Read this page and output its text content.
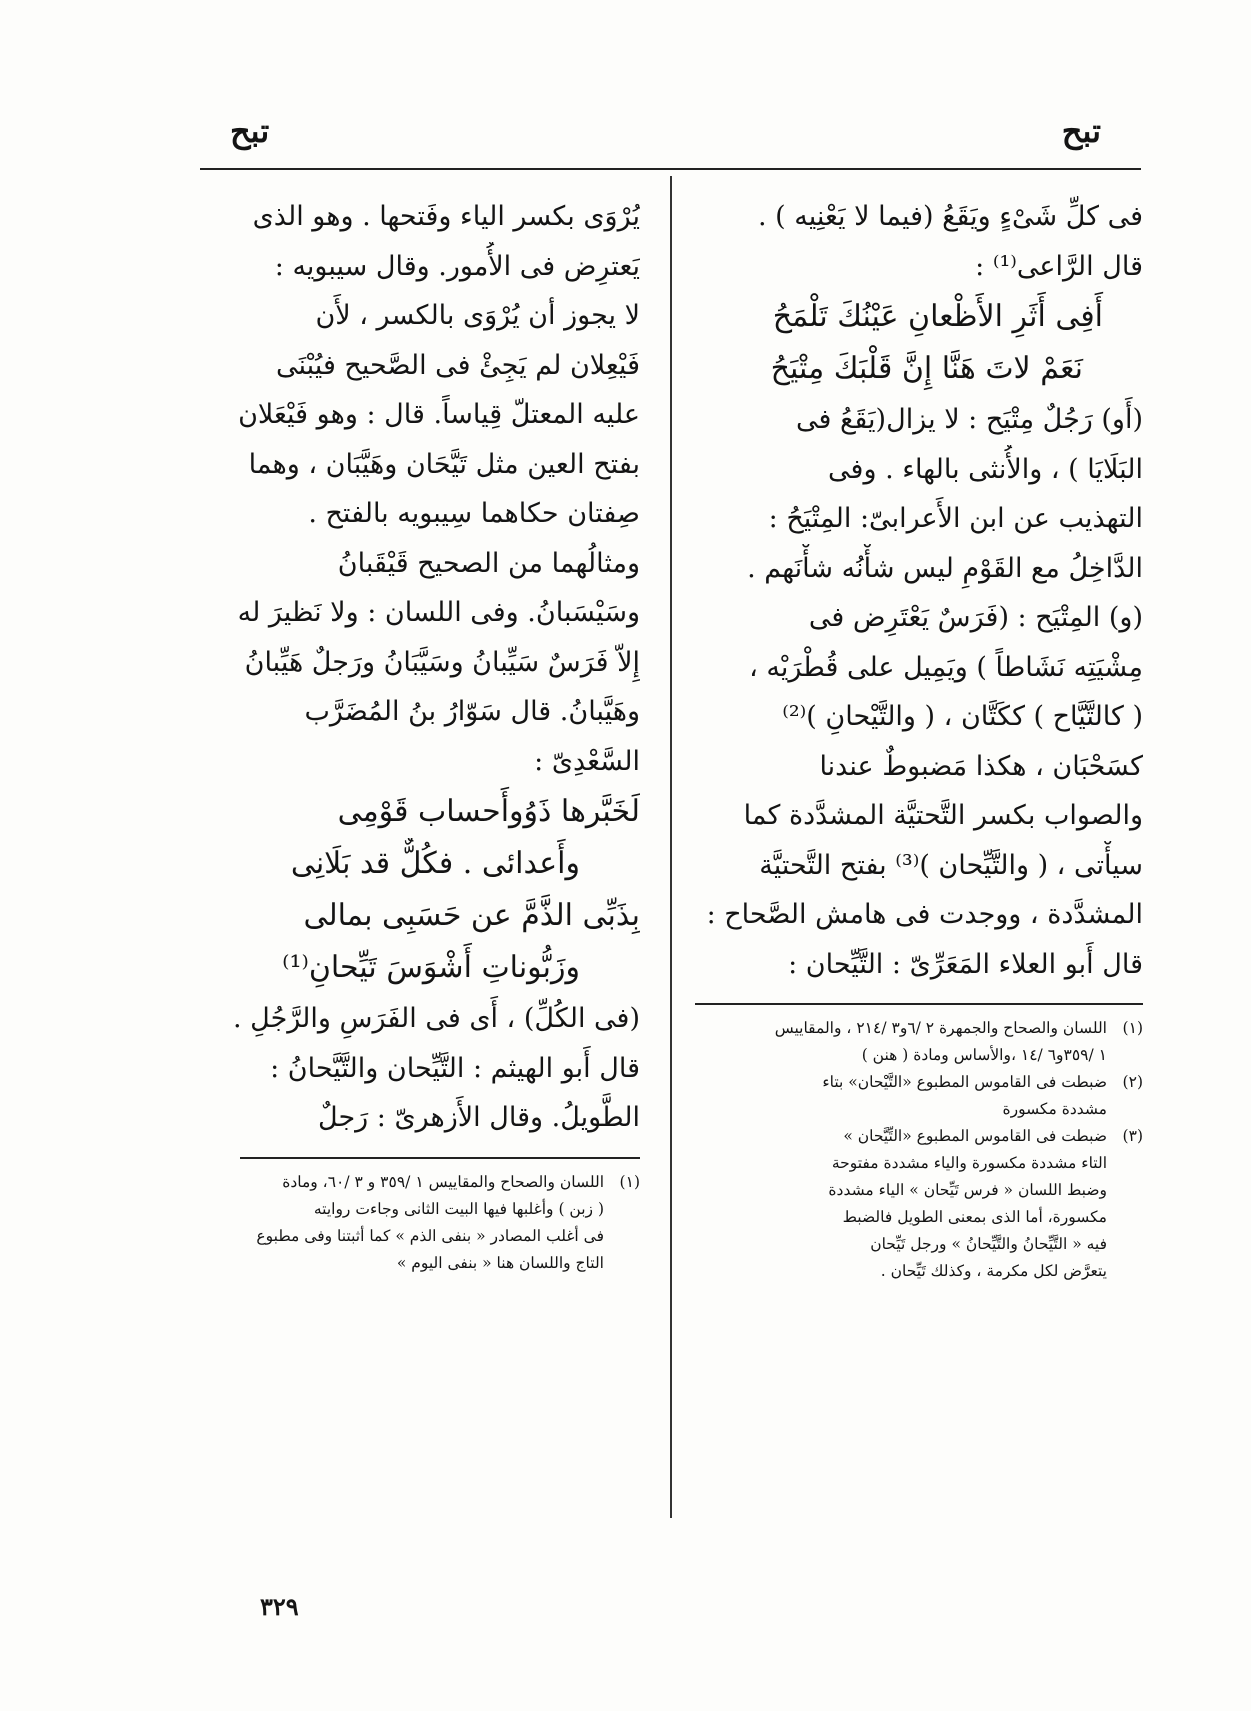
تبح
تبح
فى كلِّ شَىْءٍ ويَقَعُ (فيما لا يَعْنِيه ) .
قال الرَّاعى⁽¹⁾ :
أَفِى أَثَرِ الأَظْعانِ عَيْنُكَ تَلْمَحُ
نَعَمْ لاتَ هَنَّا إِنَّ قَلْبَكَ مِتْيَحُ
(أَو) رَجُلٌ مِتْيَح : لا يزال(يَقَعُ فى
البَلَايَا ) ، والأُنثى بالهاء . وفى
التهذيب عن ابن الأَعرابىّ: المِتْيَحُ :
الدَّاخِلُ مع القَوْمِ ليس شأْنُه شأْنَهم .
(و) المِتْيَح : (فَرَسٌ يَعْتَرِض فى
مِشْيَتِه نَشَاطاً ) ويَمِيل على قُطْرَيْه ،
( كالتَّيَّاح ) ككَتَّان ، ( والتَّيْحانِ )⁽²⁾
كسَحْبَان ، هكذا مَضبوطٌ عندنا
والصواب بكسر التَّحتيَّة المشدَّدة كما
سيأْتى ، ( والتَّيِّحان )⁽³⁾ بفتح التَّحتيَّة
المشدَّدة ، ووجدت فى هامش الصَّحاح :
قال أَبو العلاء المَعَرِّىّ : التَّيِّحان :
(١)اللسان والصحاح والجمهرة ٢ /٦و٣ /٢١٤ ، والمقاييس
١ /٣٥٩و٦ /١٤ ،والأساس ومادة ( هنن )
(٢)ضبطت فى القاموس المطبوع «التَّيْحان» بتاء
مشددة مكسورة
(٣)ضبطت فى القاموس المطبوع «التِّيَّحان »
التاء مشددة مكسورة والياء مشددة مفتوحة
وضبط اللسان « فرس تَيِّحان » الياء مشددة
مكسورة، أما الذى بمعنى الطويل فالضبط
فيه « التَّيِّحانُ والتَّيِّحانُ » ورجل تَيِّحان
يتعرَّض لكل مكرمة ، وكذلك تَيِّحان .
يُرْوَى بكسر الياء وفَتحها . وهو الذى
يَعترِض فى الأُمور. وقال سيبويه :
لا يجوز أن يُرْوَى بالكسر ، لأَن
فَيْعِلان لم يَجِئْ فى الصَّحيح فيُبْنَى
عليه المعتلّ قِياساً. قال : وهو فَيْعَلان
بفتح العين مثل تَيَّحَان وهَيَّبَان ، وهما
صِفتان حكاهما سِيبويه بالفتح .
ومثالُهما من الصحيح قَيْقَبانُ
وسَيْسَبانُ. وفى اللسان : ولا نَظيرَ له
إِلاّ فَرَسٌ سَيِّبانُ وسَيَّبَانُ ورَجلٌ هَيِّبانُ
وهَيَّبانُ. قال سَوّارُ بنُ المُضَرَّب
السَّعْدِىّ :
لَخَبَّرها ذَوُوأَحساب قَوْمِى
وأَعدائى . فكُلٌّ قد بَلَانِى
بِذَبِّى الذَّمَّ عن حَسَبِى بمالى
وزَبُّوناتِ أَشْوَسَ تَيِّحانِ⁽¹⁾
(فى الكُلِّ) ، أَى فى الفَرَسِ والرَّجُلِ .
قال أَبو الهيثم : التَّيِّحان والتَّيَّحانُ :
الطَّويلُ. وقال الأَزهرىّ : رَجلٌ
(١)اللسان والصحاح والمقاييس ١ /٣٥٩ و ٣ /٦٠، ومادة
( زبن ) وأغلبها فيها البيت الثانى وجاءت روايته
فى أغلب المصادر « بنفى الذم » كما أثبتنا وفى مطبوع
التاج واللسان هنا « بنفى اليوم »
٣٢٩
